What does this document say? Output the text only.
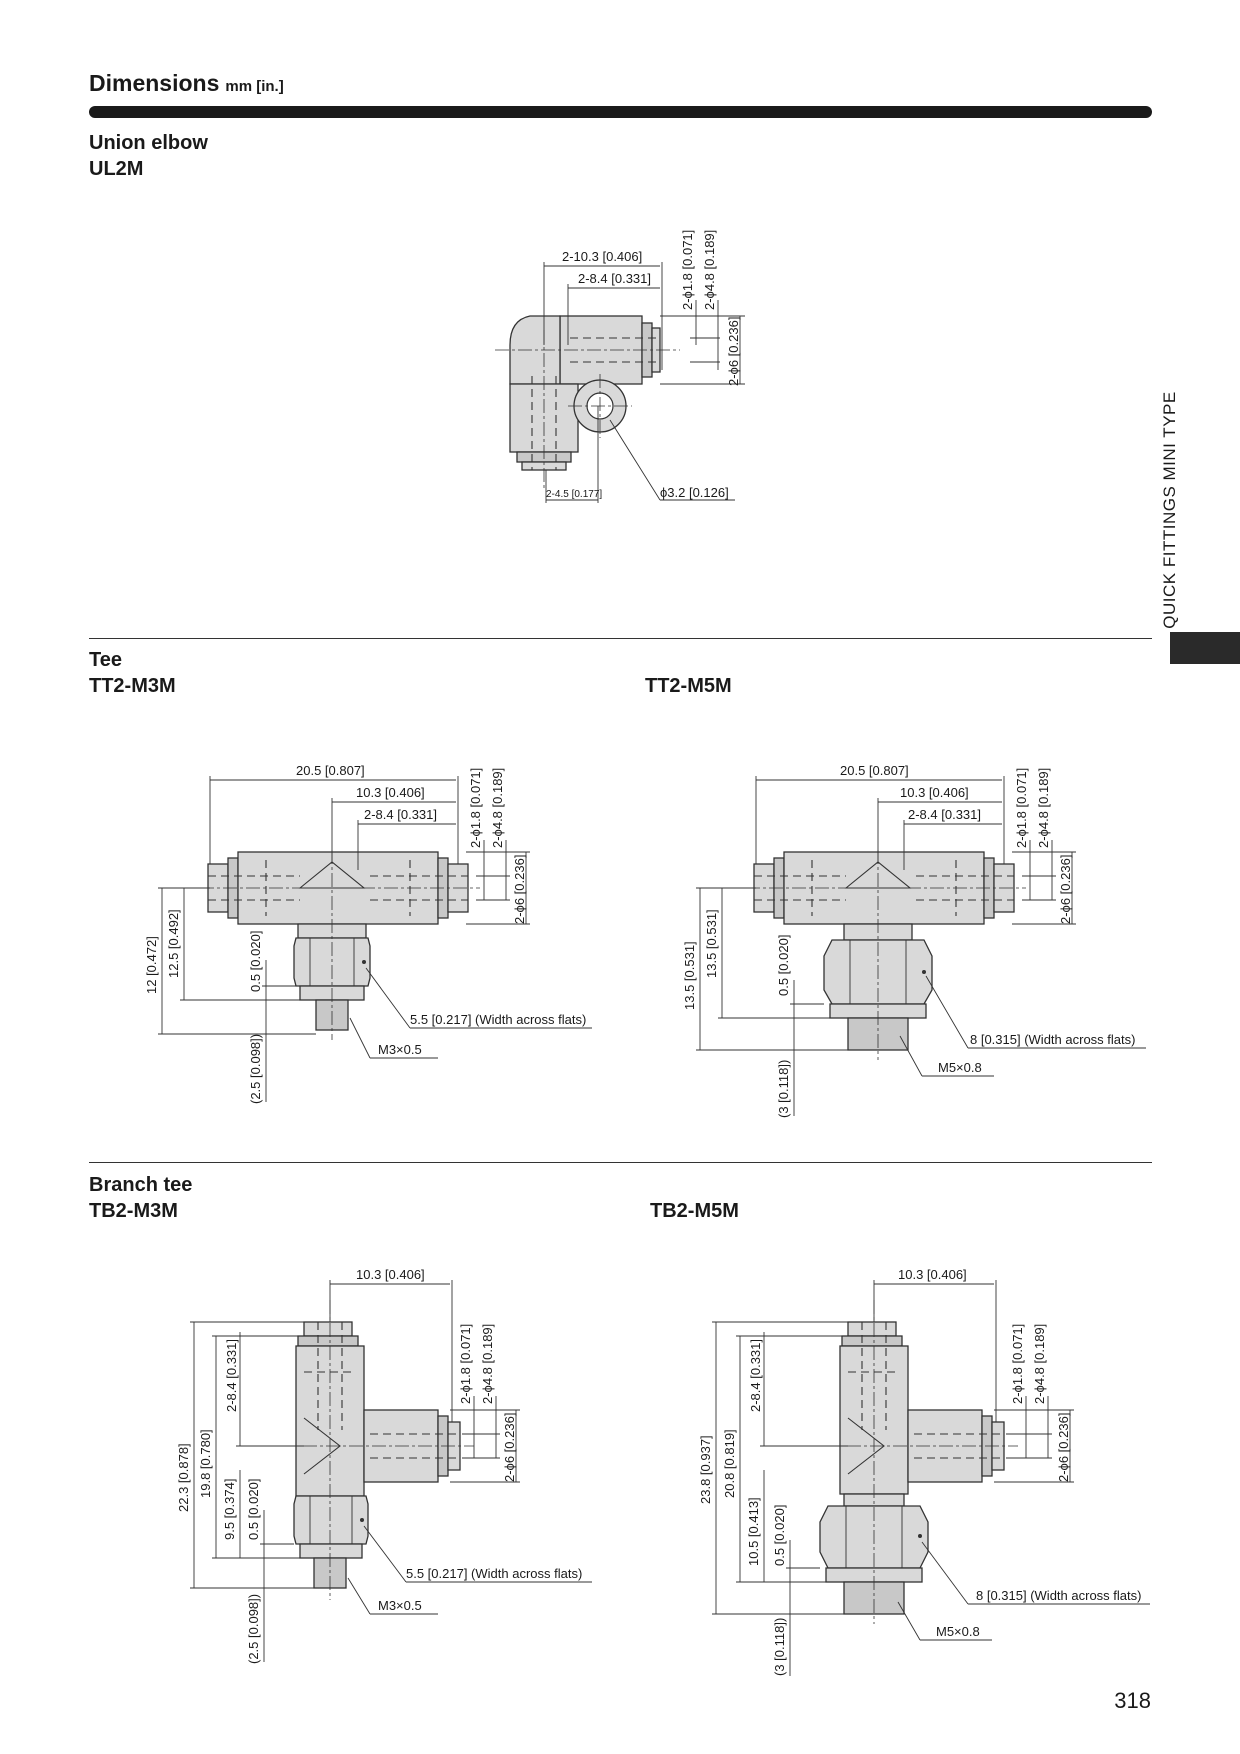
Dimensions mm [in.]
QUICK FITTINGS MINI TYPE
Union elbow
UL2M
Tee
TT2-M3M	TT2-M5M
Branch tee
TB2-M3M	TB2-M5M
318
2-10.3 [0.406]
2-8.4 [0.331] 2-ϕ1.8 [0.071] 2-ϕ4.8 [0.189]
2-ϕ6 [0.236]
2-4.5 [0.177]	ϕ3.2 [0.126]
20.5 [0.807]
10.3 [0.406]
2-8.4 [0.331] 2-ϕ1.8 [0.071] 2-ϕ4.8 [0.189]
2-ϕ6 [0.236]
12 [0.472] 12.5 [0.492]	0.5 [0.020]
(2.5 [0.098])
5.5 [0.217] (Width across flats)
M3×0.5
20.5 [0.807]
10.3 [0.406]
2-8.4 [0.331]	2-ϕ1.8 [0.071] 2-ϕ4.8 [0.189]
2-ϕ6 [0.236]
13.5 [0.531] 13.5 [0.531]	0.5 [0.020]
(3 [0.118])
8 [0.315] (Width across flats)
M5×0.8
10.3 [0.406]
2-ϕ1.8 [0.071] 2-ϕ4.8 [0.189]
2-ϕ6 [0.236]
2-8.4 [0.331]
22.3 [0.878] 19.8 [0.780]
9.5 [0.374] 0.5 [0.020]
(2.5 [0.098])
5.5 [0.217] (Width across flats)
M3×0.5
10.3 [0.406]
2-ϕ1.8 [0.071] 2-ϕ4.8 [0.189]
2-ϕ6 [0.236]
2-8.4 [0.331]
23.8 [0.937] 20.8 [0.819]
10.5 [0.413] 0.5 [0.020]
(3 [0.118])
8 [0.315] (Width across flats)
M5×0.8
